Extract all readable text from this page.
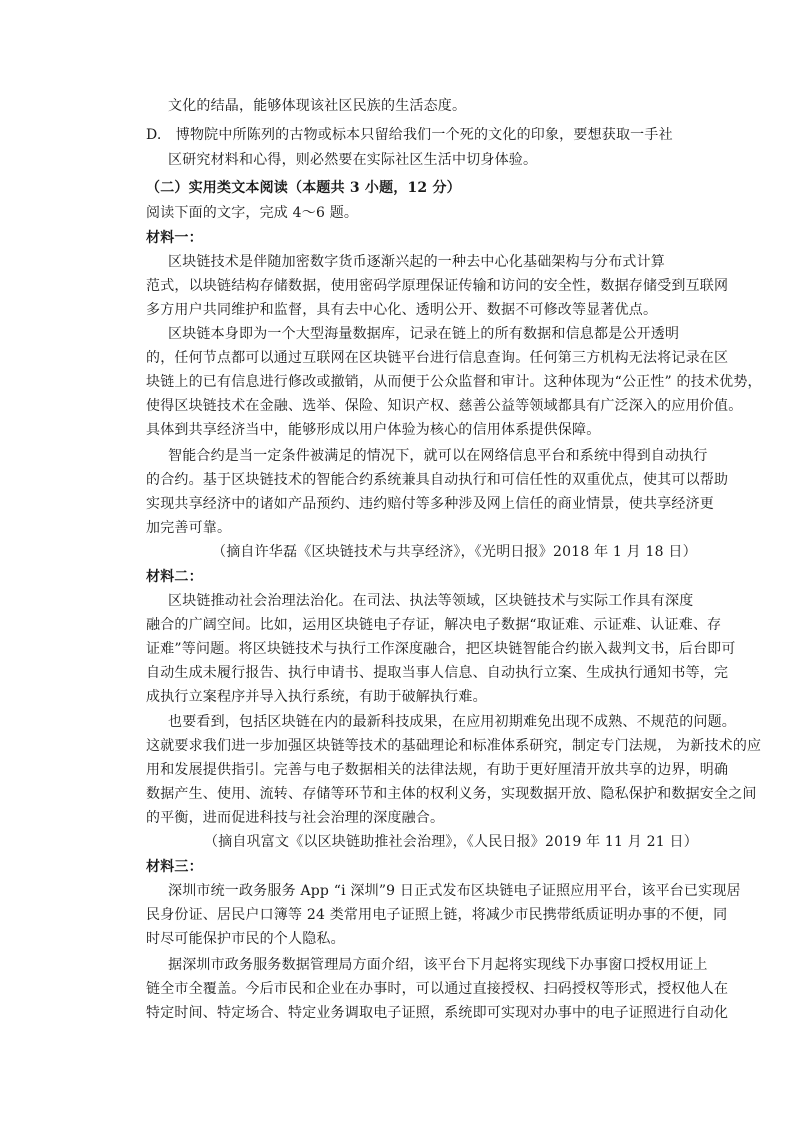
文化的结晶，能够体现该社区民族的生活态度。
D.　博物院中所陈列的古物或标本只留给我们一个死的文化的印象，要想获取一手社
区研究材料和心得，则必然要在实际社区生活中切身体验。
（二）实用类文本阅读（本题共 3 小题，12 分）
阅读下面的文字，完成 4～6 题。
材料一：
区块链技术是伴随加密数字货币逐渐兴起的一种去中心化基础架构与分布式计算
范式，以块链结构存储数据，使用密码学原理保证传输和访问的安全性，数据存储受到互联网
多方用户共同维护和监督，具有去中心化、透明公开、数据不可修改等显著优点。
区块链本身即为一个大型海量数据库，记录在链上的所有数据和信息都是公开透明
的，任何节点都可以通过互联网在区块链平台进行信息查询。任何第三方机构无法将记录在区
块链上的已有信息进行修改或撤销，从而便于公众监督和审计。这种体现为“公正性” 的技术优势，
使得区块链技术在金融、选举、保险、知识产权、慈善公益等领域都具有广泛深入的应用价值。
具体到共享经济当中，能够形成以用户体验为核心的信用体系提供保障。
智能合约是当一定条件被满足的情况下，就可以在网络信息平台和系统中得到自动执行
的合约。基于区块链技术的智能合约系统兼具自动执行和可信任性的双重优点，使其可以帮助
实现共享经济中的诸如产品预约、违约赔付等多种涉及网上信任的商业情景，使共享经济更
加完善可靠。
（摘自许华磊《区块链技术与共享经济》，《光明日报》2018 年 1 月 18 日）
材料二：
区块链推动社会治理法治化。在司法、执法等领域，区块链技术与实际工作具有深度
融合的广阔空间。比如，运用区块链电子存证，解决电子数据“取证难、示证难、认证难、存
证难”等问题。将区块链技术与执行工作深度融合，把区块链智能合约嵌入裁判文书，后台即可
自动生成未履行报告、执行申请书、提取当事人信息、自动执行立案、生成执行通知书等，完
成执行立案程序并导入执行系统，有助于破解执行难。
也要看到，包括区块链在内的最新科技成果，在应用初期难免出现不成熟、不规范的问题。
这就要求我们进一步加强区块链等技术的基础理论和标准体系研究，制定专门法规， 为新技术的应
用和发展提供指引。完善与电子数据相关的法律法规，有助于更好厘清开放共享的边界，明确
数据产生、使用、流转、存储等环节和主体的权利义务，实现数据开放、隐私保护和数据安全之间
的平衡，进而促进科技与社会治理的深度融合。
（摘自巩富文《以区块链助推社会治理》，《人民日报》2019 年 11 月 21 日）
材料三：
深圳市统一政务服务 App “i 深圳”9 日正式发布区块链电子证照应用平台，该平台已实现居
民身份证、居民户口簿等 24 类常用电子证照上链，将减少市民携带纸质证明办事的不便，同
时尽可能保护市民的个人隐私。
据深圳市政务服务数据管理局方面介绍，该平台下月起将实现线下办事窗口授权用证上
链全市全覆盖。今后市民和企业在办事时，可以通过直接授权、扫码授权等形式，授权他人在
特定时间、特定场合、特定业务调取电子证照，系统即可实现对办事中的电子证照进行自动化
